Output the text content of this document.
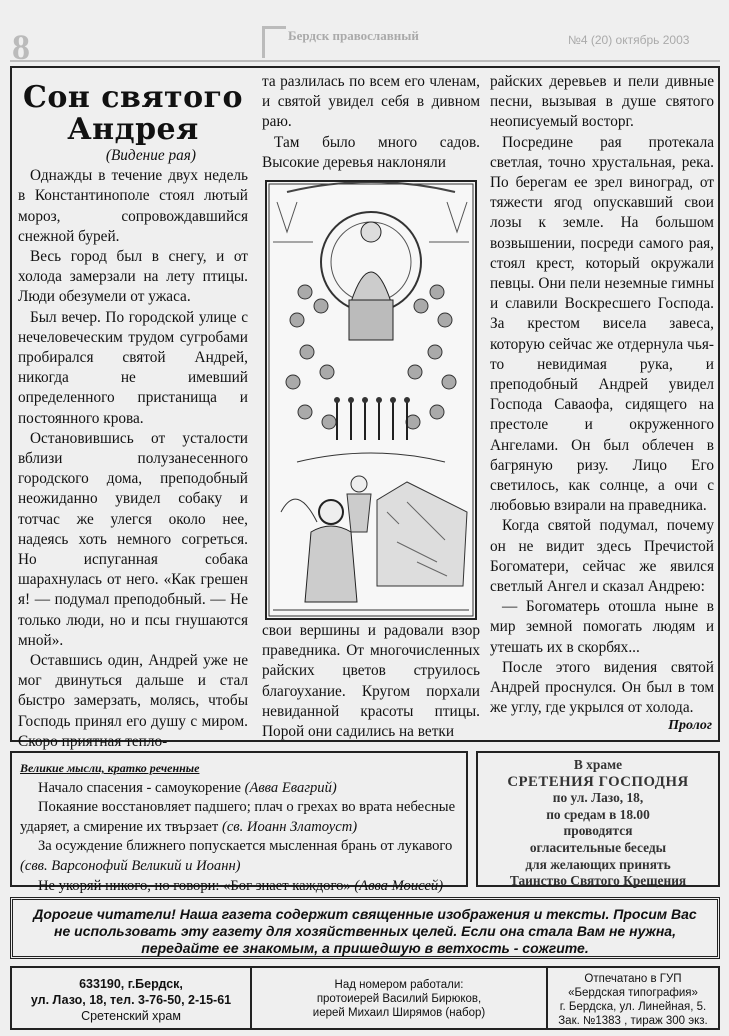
8	Бердск православный	№4 (20) октябрь 2003

Сон святого Андрея

(Видение рая)

Однажды в течение двух недель в Константинополе стоял лютый мороз, сопровождавшийся снежной бурей.

Весь город был в снегу, и от холода замерзали на лету птицы. Люди обезумели от ужаса.

Был вечер. По городской улице с нечеловеческим трудом сугробами пробирался святой Андрей, никогда не имевший определенного пристанища и постоянного крова.

Остановившись от усталости вблизи полузанесенного городского дома, преподобный неожиданно увидел собаку и тотчас же улегся около нее, надеясь хоть немного согреться. Но испуганная собака шарахнулась от него. «Как грешен я! — подумал преподобный. — Не только люди, но и псы гнушаются мной».

Оставшись один, Андрей уже не мог двинуться дальше и стал быстро замерзать, молясь, чтобы Господь принял его душу с миром. Скоро приятная тепло-

та разлилась по всем его членам, и святой увидел себя в дивном раю.

Там было много садов. Высокие деревья наклоняли

свои вершины и радовали взор праведника. От многочисленных райских цветов струилось благоухание. Кругом порхали невиданной красоты птицы. Порой они садились на ветки

райских деревьев и пели дивные песни, вызывая в душе святого неописуемый восторг.

Посредине рая протекала светлая, точно хрустальная, река. По берегам ее зрел виноград, от тяжести ягод опускавший свои лозы к земле. На большом возвышении, посреди самого рая, стоял крест, который окружали певцы. Они пели неземные гимны и славили Воскресшего Господа. За крестом висела завеса, которую сейчас же отдернула чья-то невидимая рука, и преподобный Андрей увидел Господа Саваофа, сидящего на престоле и окруженного Ангелами. Он был облечен в багряную ризу. Лицо Его светилось, как солнце, а очи с любовью взирали на праведника.

Когда святой подумал, почему он не видит здесь Пречистой Богоматери, сейчас же явился светлый Ангел и сказал Андрею:

— Богоматерь отошла ныне в мир земной помогать людям и утешать их в скорбях...

После этого видения святой Андрей проснулся. Он был в том же углу, где укрылся от холода.

Пролог
Великие мысли, кратко реченные

Начало спасения - самоукорение (Авва Евагрий)

Покаяние восстановляет падшего; плач о грехах во врата небесные ударяет, а смирение их твързает (св. Иоанн Златоуст)

За осуждение ближнего попускается мысленная брань от лукавого (свв. Варсонофий Великий и Иоанн)

Не укоряй никого, но говори: «Бог знает каждого» (Авва Моисей)

В храме
СРЕТЕНИЯ ГОСПОДНЯ
по ул. Лазо, 18,
по средам в 18.00
проводятся
огласительные беседы
для желающих принять
Таинство Святого Крещения
Дорогие читатели! Наша газета содержит священные изображения и тексты. Просим Вас не использовать эту газету для хозяйственных целей. Если она стала Вам не нужна, передайте ее знакомым, а пришедшую в ветхость - сожгите.
633190, г.Бердск,
ул. Лазо, 18, тел. 3-76-50, 2-15-61
Сретенский храм
Над номером работали:
протоиерей Василий Бирюков,
иерей Михаил Ширямов (набор)
Отпечатано в ГУП
«Бердская типография»
г. Бердска, ул. Линейная, 5.
Зак. №1383 , тираж 300 экз.
